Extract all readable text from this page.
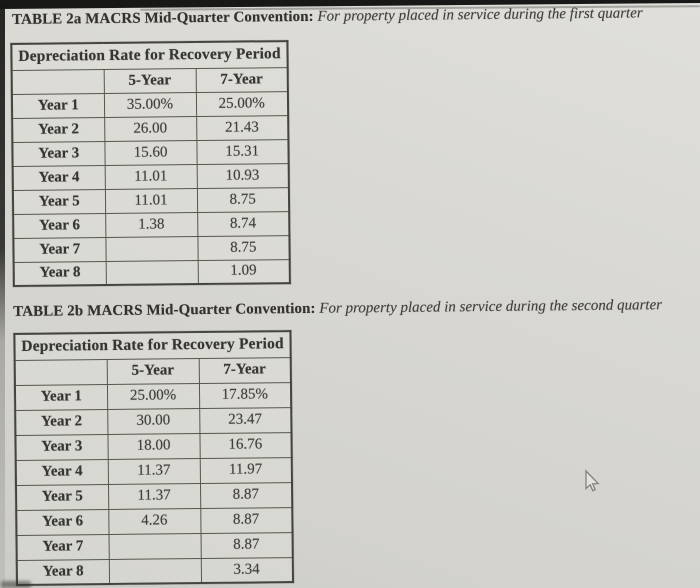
TABLE 2a MACRS Mid-Quarter Convention: For property placed in service during the first quarter

Depreciation Rate for Recovery Period		
	5-Year	7-Year
Year 1	35.00%	25.00%
Year 2	26.00	21.43
Year 3	15.60	15.31
Year 4	11.01	10.93
Year 5	11.01	8.75
Year 6	1.38	8.74
Year 7		8.75
Year 8		1.09

TABLE 2b MACRS Mid-Quarter Convention: For property placed in service during the second quarter

Depreciation Rate for Recovery Period		
	5-Year	7-Year
Year 1	25.00%	17.85%
Year 2	30.00	23.47
Year 3	18.00	16.76
Year 4	11.37	11.97
Year 5	11.37	8.87
Year 6	4.26	8.87
Year 7		8.87
Year 8		3.34
